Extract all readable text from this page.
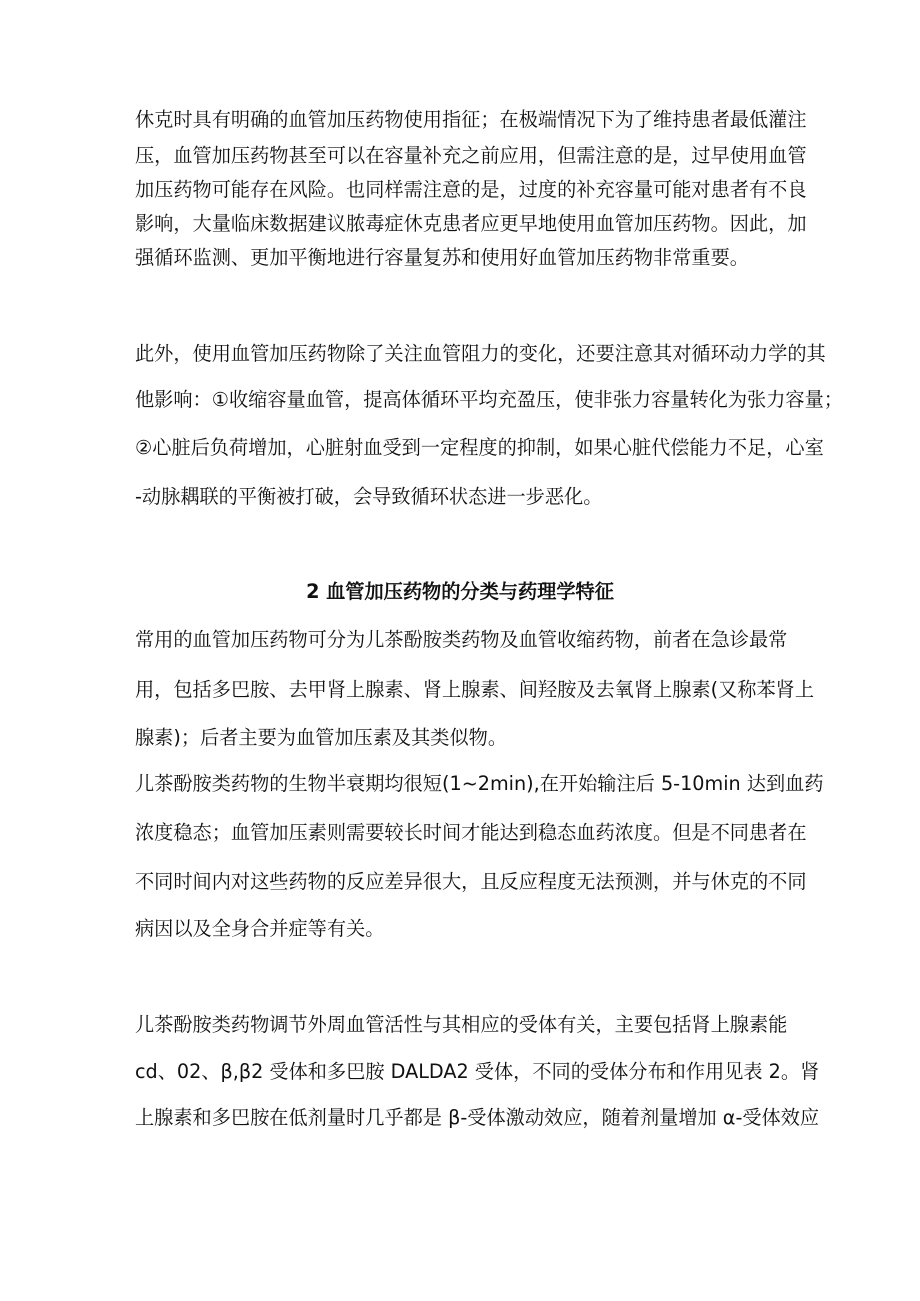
休克时具有明确的血管加压药物使用指征；在极端情况下为了维持患者最低灌注
压，血管加压药物甚至可以在容量补充之前应用，但需注意的是，过早使用血管
加压药物可能存在风险。也同样需注意的是，过度的补充容量可能对患者有不良
影响，大量临床数据建议脓毒症休克患者应更早地使用血管加压药物。因此，加
强循环监测、更加平衡地进行容量复苏和使用好血管加压药物非常重要。
此外，使用血管加压药物除了关注血管阻力的变化，还要注意其对循环动力学的其
他影响：①收缩容量血管，提高体循环平均充盈压，使非张力容量转化为张力容量；
②心脏后负荷增加，心脏射血受到一定程度的抑制，如果心脏代偿能力不足，心室
-动脉耦联的平衡被打破，会导致循环状态进一步恶化。
2 血管加压药物的分类与药理学特征
常用的血管加压药物可分为儿茶酚胺类药物及血管收缩药物，前者在急诊最常
用，包括多巴胺、去甲肾上腺素、肾上腺素、间羟胺及去氧肾上腺素(又称苯肾上
腺素)；后者主要为血管加压素及其类似物。
儿茶酚胺类药物的生物半衰期均很短(1~2min),在开始输注后 5-10min 达到血药
浓度稳态；血管加压素则需要较长时间才能达到稳态血药浓度。但是不同患者在
不同时间内对这些药物的反应差异很大，且反应程度无法预测，并与休克的不同
病因以及全身合并症等有关。
儿茶酚胺类药物调节外周血管活性与其相应的受体有关，主要包括肾上腺素能
cd、02、β,β2 受体和多巴胺 DALDA2 受体，不同的受体分布和作用见表 2。肾
上腺素和多巴胺在低剂量时几乎都是 β-受体激动效应，随着剂量增加 α-受体效应
